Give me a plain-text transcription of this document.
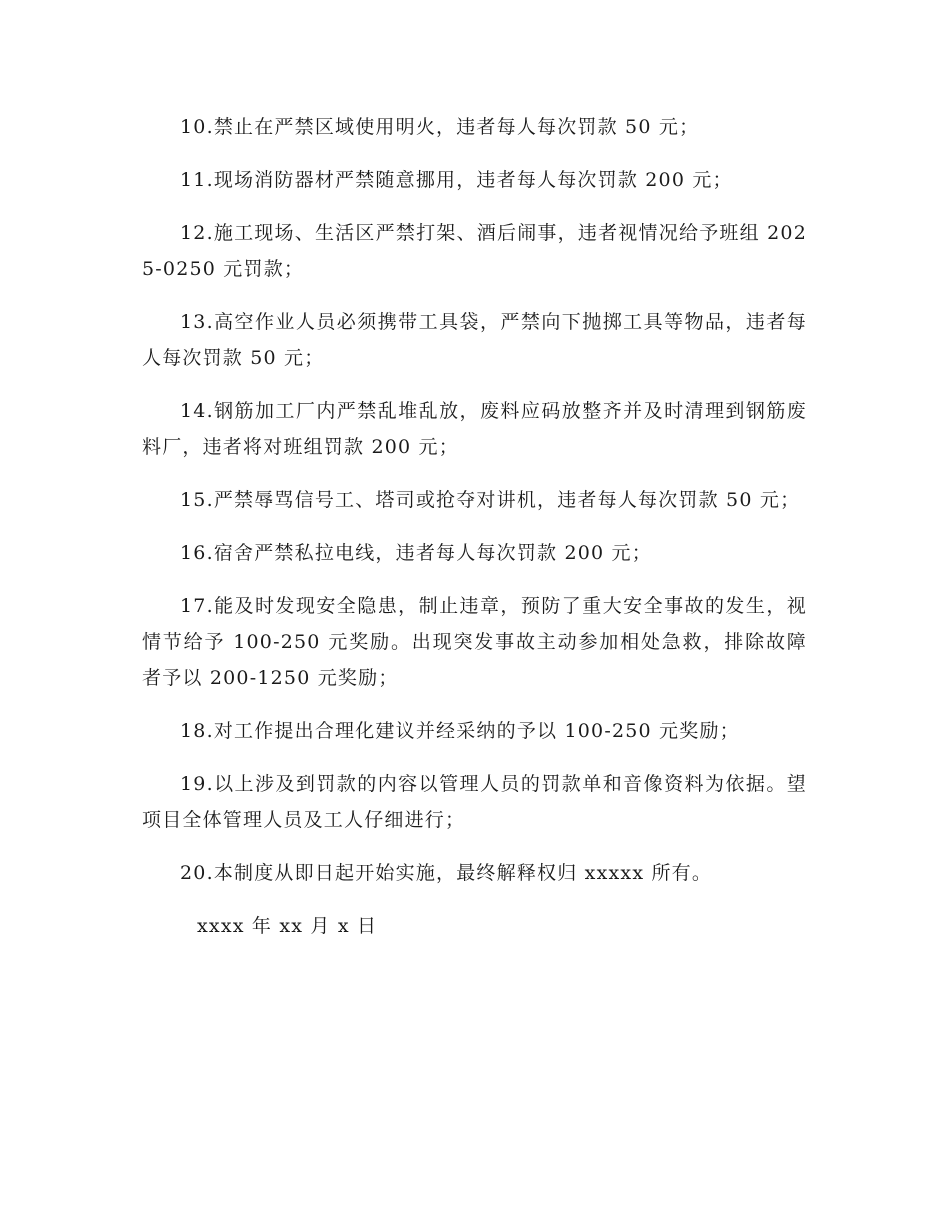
10.禁止在严禁区域使用明火，违者每人每次罚款 50 元；

11.现场消防器材严禁随意挪用，违者每人每次罚款 200 元；

12.施工现场、生活区严禁打架、酒后闹事，违者视情况给予班组 2025-0250 元罚款；

13.高空作业人员必须携带工具袋，严禁向下抛掷工具等物品，违者每人每次罚款 50 元；

14.钢筋加工厂内严禁乱堆乱放，废料应码放整齐并及时清理到钢筋废料厂，违者将对班组罚款 200 元；

15.严禁辱骂信号工、塔司或抢夺对讲机，违者每人每次罚款 50 元；

16.宿舍严禁私拉电线，违者每人每次罚款 200 元；

17.能及时发现安全隐患，制止违章，预防了重大安全事故的发生，视情节给予 100-250 元奖励。出现突发事故主动参加相处急救，排除故障者予以 200-1250 元奖励；

18.对工作提出合理化建议并经采纳的予以 100-250 元奖励；

19.以上涉及到罚款的内容以管理人员的罚款单和音像资料为依据。望项目全体管理人员及工人仔细进行；

20.本制度从即日起开始实施，最终解释权归 xxxxx 所有。

xxxx 年 xx 月 x 日
